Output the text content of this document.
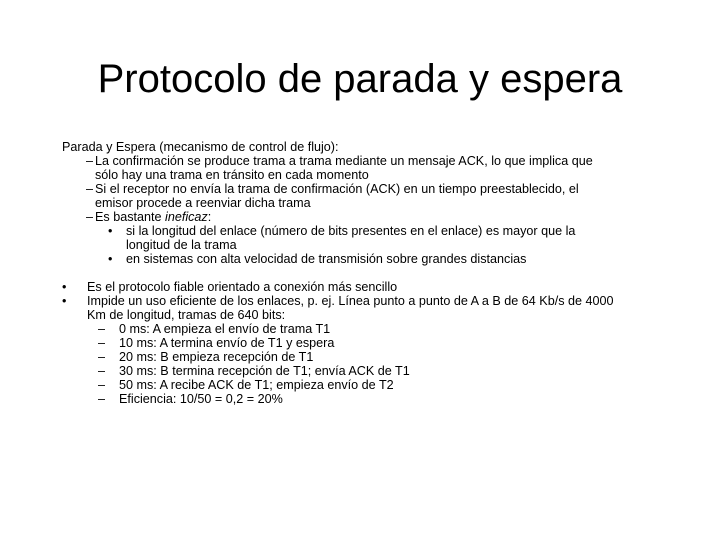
Protocolo de parada y espera
Parada y Espera (mecanismo de control de flujo):
– La confirmación se produce trama a trama mediante un mensaje ACK, lo que implica que
sólo hay una trama en tránsito en cada momento
– Si el receptor no envía la trama de confirmación (ACK) en un tiempo preestablecido, el
emisor procede a reenviar dicha trama
– Es bastante ineficaz:
• si la longitud del enlace (número de bits presentes en el enlace) es mayor que la
longitud de la trama
• en sistemas con alta velocidad de transmisión sobre grandes distancias
• Es el protocolo fiable orientado a conexión más sencillo
• Impide un uso eficiente de los enlaces, p. ej. Línea punto a punto de A a B de 64 Kb/s de 4000
Km de longitud, tramas de 640 bits:
– 0 ms: A empieza el envío de trama T1
– 10 ms: A termina envío de T1 y espera
– 20 ms: B empieza recepción de T1
– 30 ms: B termina recepción de T1; envía ACK de T1
– 50 ms: A recibe ACK de T1; empieza envío de T2
– Eficiencia: 10/50 = 0,2 = 20%
